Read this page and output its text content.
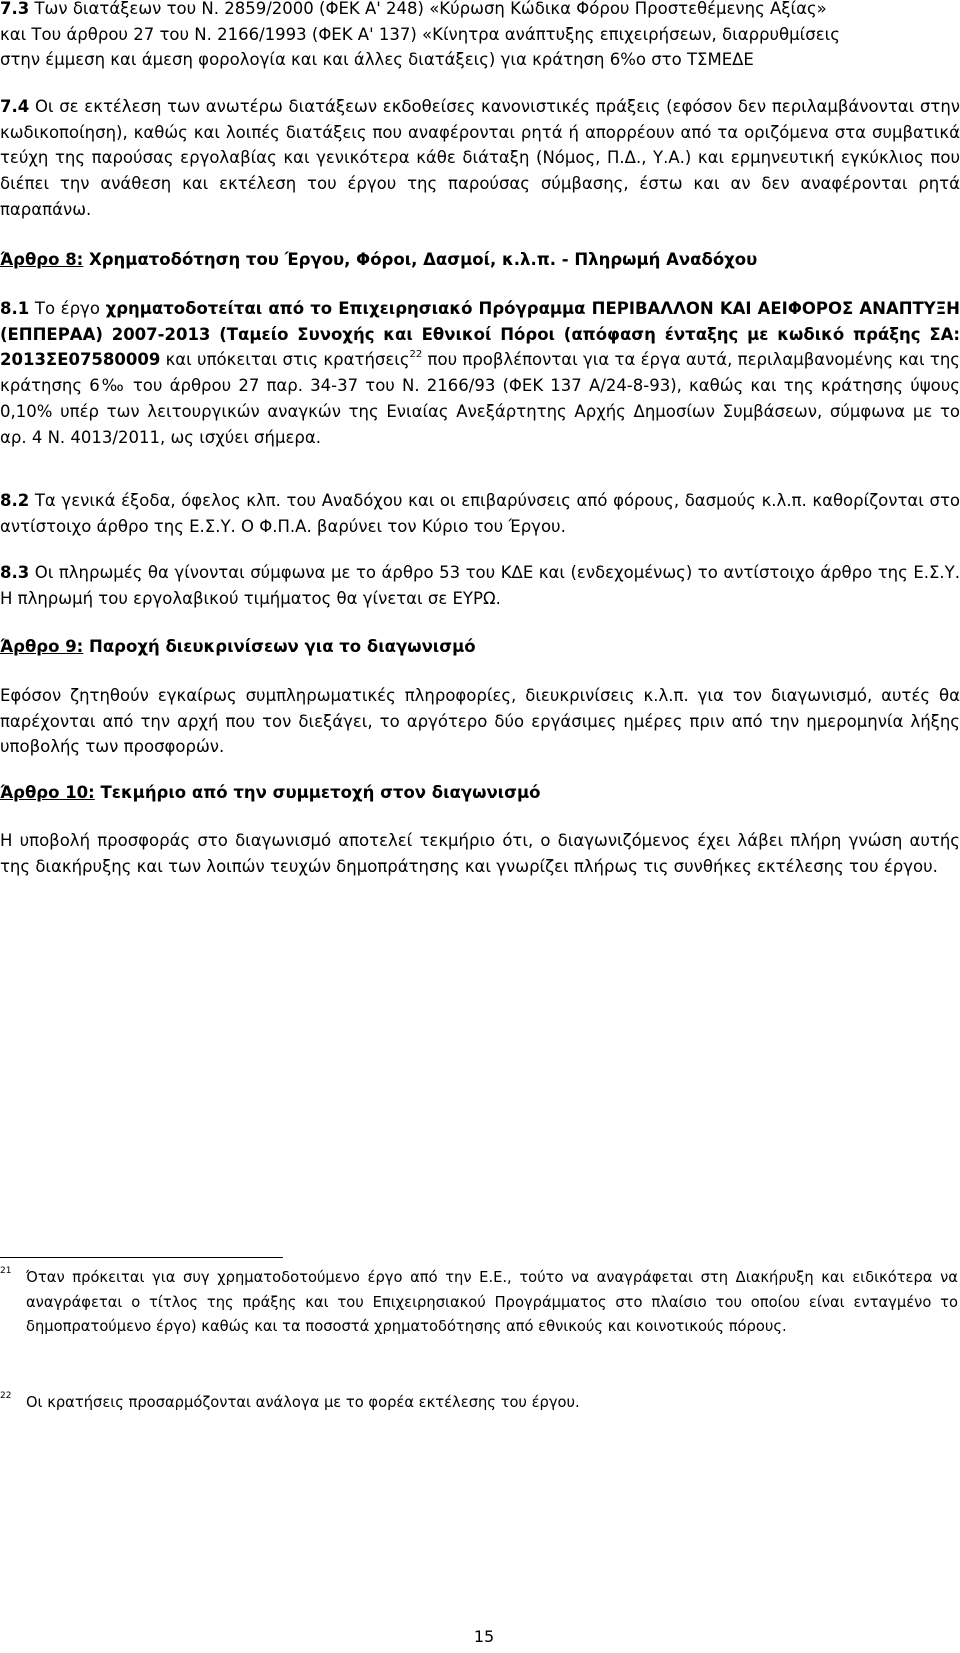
7.3 Των διατάξεων του Ν. 2859/2000 (ΦΕΚ Α' 248) «Κύρωση Κώδικα Φόρου Προστεθέμενης Αξίας»
και Του άρθρου 27 του Ν. 2166/1993 (ΦΕΚ Α' 137) «Κίνητρα ανάπτυξης επιχειρήσεων, διαρρυθμίσεις
στην έμμεση και άμεση φορολογία και και άλλες διατάξεις) για κράτηση 6%ο στο ΤΣΜΕΔΕ

7.4 Οι σε εκτέλεση των ανωτέρω διατάξεων εκδοθείσες κανονιστικές πράξεις (εφόσον δεν περιλαμβάνονται στην κωδικοποίηση), καθώς και λοιπές διατάξεις που αναφέρονται ρητά ή απορρέουν από τα οριζόμενα στα συμβατικά τεύχη της παρούσας εργολαβίας και γενικότερα κάθε διάταξη (Νόμος, Π.Δ., Υ.Α.) και ερμηνευτική εγκύκλιος που διέπει την ανάθεση και εκτέλεση του έργου της παρούσας σύμβασης, έστω και αν δεν αναφέρονται ρητά παραπάνω.

Άρθρο 8: Χρηματοδότηση του Έργου, Φόροι, Δασμοί, κ.λ.π. - Πληρωμή Αναδόχου

8.1 Το έργο χρηματοδοτείται από το Επιχειρησιακό Πρόγραμμα ΠΕΡΙΒΑΛΛΟΝ ΚΑΙ ΑΕΙΦΟΡΟΣ ΑΝΑΠΤΥΞΗ (ΕΠΠΕΡΑΑ) 2007-2013 (Ταμείο Συνοχής και Εθνικοί Πόροι (απόφαση ένταξης με κωδικό πράξης ΣΑ: 2013ΣΕ07580009 και υπόκειται στις κρατήσεις$^{22}$ που προβλέπονται για τα έργα αυτά, περιλαμβανομένης και της κράτησης 6‰ του άρθρου 27 παρ. 34-37 του Ν. 2166/93 (ΦΕΚ 137 Α/24-8-93), καθώς και της κράτησης ύψους 0,10% υπέρ των λειτουργικών αναγκών της Ενιαίας Ανεξάρτητης Αρχής Δημοσίων Συμβάσεων, σύμφωνα με το αρ. 4 Ν. 4013/2011, ως ισχύει σήμερα.

8.2 Τα γενικά έξοδα, όφελος κλπ. του Αναδόχου και οι επιβαρύνσεις από φόρους, δασμούς κ.λ.π. καθορίζονται στο αντίστοιχο άρθρο της Ε.Σ.Υ. Ο Φ.Π.Α. βαρύνει τον Κύριο του Έργου.

8.3 Οι πληρωμές θα γίνονται σύμφωνα με το άρθρο 53 του ΚΔΕ και (ενδεχομένως) το αντίστοιχο άρθρο της Ε.Σ.Υ. Η πληρωμή του εργολαβικού τιμήματος θα γίνεται σε ΕΥΡΩ.

Άρθρο 9: Παροχή διευκρινίσεων για το διαγωνισμό

Εφόσον ζητηθούν εγκαίρως συμπληρωματικές πληροφορίες, διευκρινίσεις κ.λ.π. για τον διαγωνισμό, αυτές θα παρέχονται από την αρχή που τον διεξάγει, το αργότερο δύο εργάσιμες ημέρες πριν από την ημερομηνία λήξης υποβολής των προσφορών.

Άρθρο 10: Τεκμήριο από την συμμετοχή στον διαγωνισμό

Η υποβολή προσφοράς στο διαγωνισμό αποτελεί τεκμήριο ότι, ο διαγωνιζόμενος έχει λάβει πλήρη γνώση αυτής της διακήρυξης και των λοιπών τευχών δημοπράτησης και γνωρίζει πλήρως τις συνθήκες εκτέλεσης του έργου.

21 Όταν πρόκειται για συγ χρηματοδοτούμενο έργο από την Ε.Ε., τούτο να αναγράφεται στη Διακήρυξη και ειδικότερα να αναγράφεται ο τίτλος της πράξης και του Επιχειρησιακού Προγράμματος στο πλαίσιο του οποίου είναι ενταγμένο το δημοπρατούμενο έργο) καθώς και τα ποσοστά χρηματοδότησης από εθνικούς και κοινοτικούς πόρους.
22 Οι κρατήσεις προσαρμόζονται ανάλογα με το φορέα εκτέλεσης του έργου.
15
